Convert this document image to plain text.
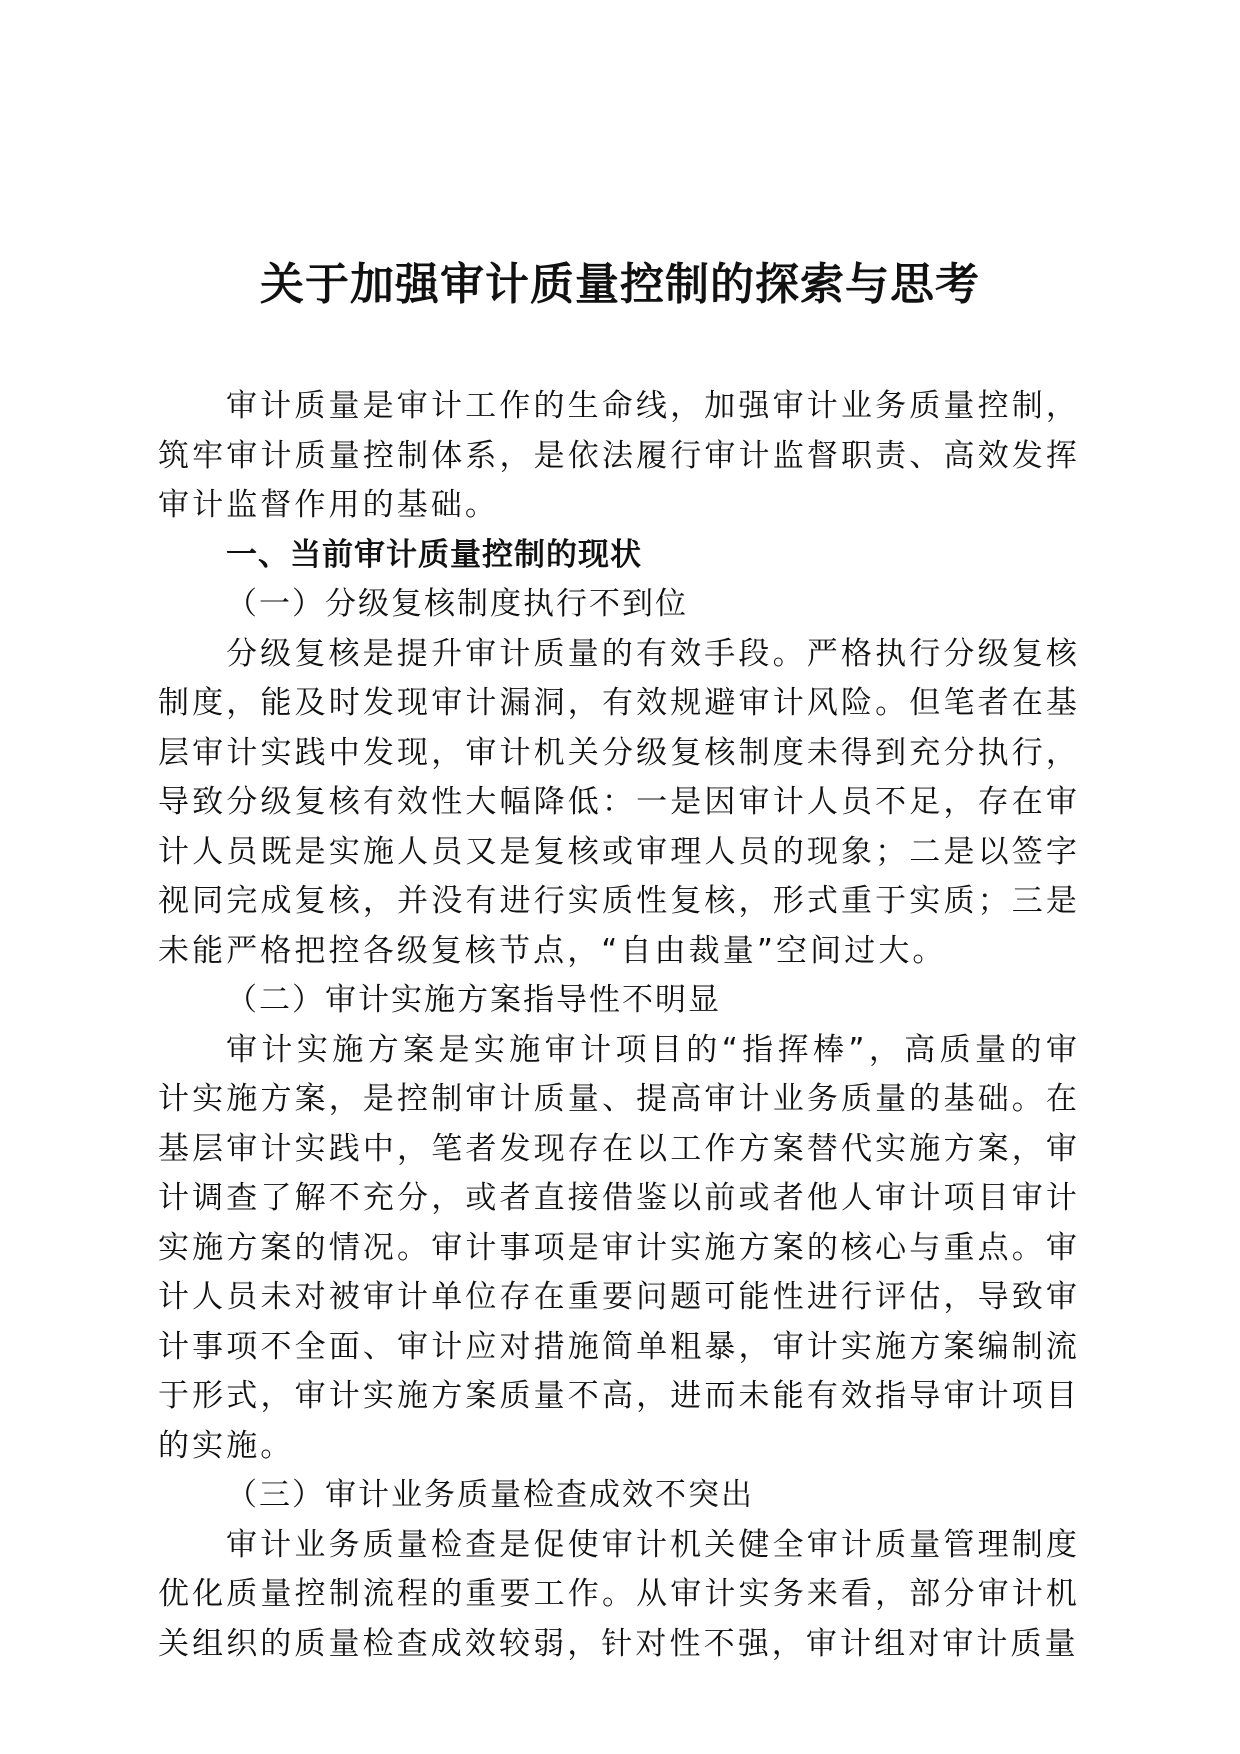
关于加强审计质量控制的探索与思考

审计质量是审计工作的生命线，加强审计业务质量控制，筑牢审计质量控制体系，是依法履行审计监督职责、高效发挥审计监督作用的基础。

一、当前审计质量控制的现状

（一）分级复核制度执行不到位

分级复核是提升审计质量的有效手段。严格执行分级复核制度，能及时发现审计漏洞，有效规避审计风险。但笔者在基层审计实践中发现，审计机关分级复核制度未得到充分执行，导致分级复核有效性大幅降低：一是因审计人员不足，存在审计人员既是实施人员又是复核或审理人员的现象；二是以签字视同完成复核，并没有进行实质性复核，形式重于实质；三是未能严格把控各级复核节点，“自由裁量”空间过大。

（二）审计实施方案指导性不明显

审计实施方案是实施审计项目的“指挥棒”，高质量的审计实施方案，是控制审计质量、提高审计业务质量的基础。在基层审计实践中，笔者发现存在以工作方案替代实施方案，审计调查了解不充分，或者直接借鉴以前或者他人审计项目审计实施方案的情况。审计事项是审计实施方案的核心与重点。审计人员未对被审计单位存在重要问题可能性进行评估，导致审计事项不全面、审计应对措施简单粗暴，审计实施方案编制流于形式，审计实施方案质量不高，进而未能有效指导审计项目的实施。

（三）审计业务质量检查成效不突出

审计业务质量检查是促使审计机关健全审计质量管理制度优化质量控制流程的重要工作。从审计实务来看，部分审计机关组织的质量检查成效较弱，针对性不强，审计组对审计质量
